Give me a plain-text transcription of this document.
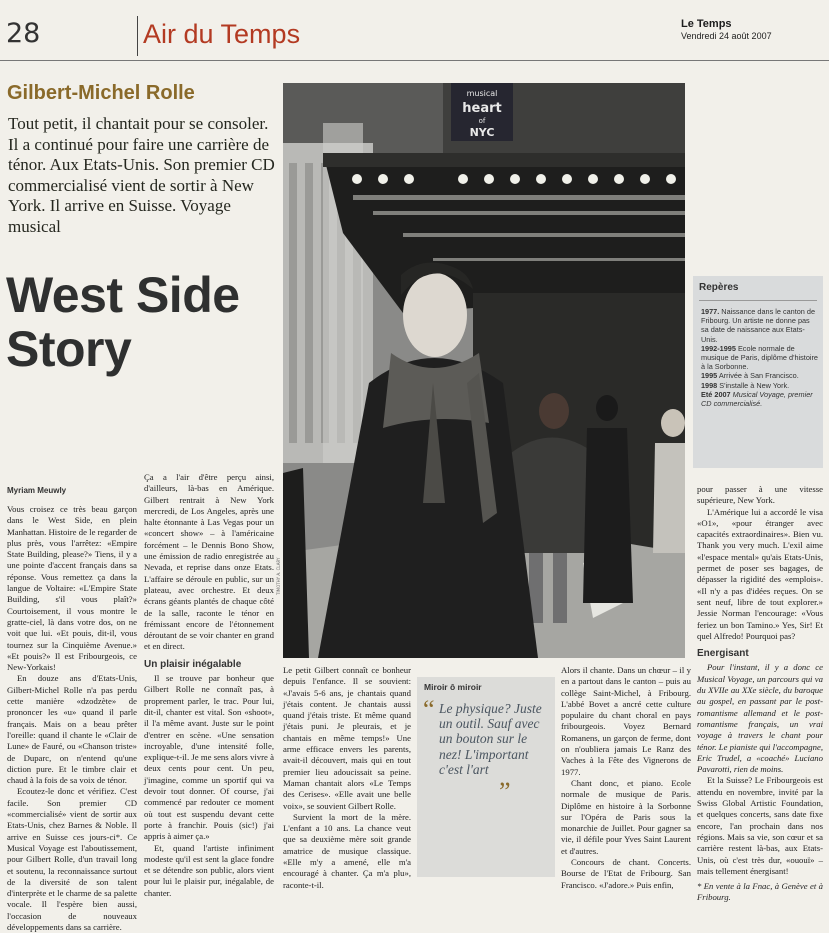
28	Air du Temps	Le Temps
Vendredi 24 août 2007
Gilbert-Michel Rolle
Tout petit, il chantait pour se consoler. Il a continué pour faire une carrière de ténor. Aux Etats-Unis. Son premier CD commercialisé vient de sortir à New York. Il arrive en Suisse. Voyage musical
West Side Story
musical
heart
of
NYC
TIMOTHY A. CLARY
Myriam Meuwly

Vous croisez ce très beau garçon dans le West Side, en plein Manhattan. Histoire de le regarder de plus près, vous l'arrêtez: «Empire State Building, please?» Tiens, il y a une pointe d'accent français dans sa réponse. Vous remettez ça dans la langue de Voltaire: «L'Empire State Building, s'il vous plaît?» Courtoisement, il vous montre le gratte-ciel, là dans votre dos, on ne voit que lui. «Et pouis, dit-il, vous tournez sur la Cinquième Avenue.» «Et pouis?» Il est Fribourgeois, ce New-Yorkais!

En douze ans d'Etats-Unis, Gilbert-Michel Rolle n'a pas perdu cette manière «dzodzète» de prononcer les «u» quand il parle français. Mais on a beau prêter l'oreille: quand il chante le «Clair de Lune» de Fauré, ou «Chanson triste» de Duparc, on n'entend qu'une diction pure. Et le timbre clair et chaud à la fois de sa voix de ténor.

Ecoutez-le donc et vérifiez. C'est facile. Son premier CD «commercialisé» vient de sortir aux Etats-Unis, chez Barnes & Noble. Il arrive en Suisse ces jours-ci*. Ce Musical Voyage est l'aboutissement, pour Gilbert Rolle, d'un travail long et soutenu, la reconnaissance surtout de la diversité de son talent d'interprète et le charme de sa palette vocale. Il l'espère bien aussi, l'occasion de nouveaux développements dans sa carrière.

Ça a l'air d'être perçu ainsi, d'ailleurs, là-bas en Amérique. Gilbert rentrait à New York mercredi, de Los Angeles, après une halte étonnante à Las Vegas pour un «concert show» – à l'américaine forcément – le Dennis Bono Show, une émission de radio enregistrée au Nevada, et reprise dans onze Etats. L'affaire se déroule en public, sur un plateau, avec orchestre. Et deux écrans géants plantés de chaque côté de la salle, raconte le ténor en frémissant encore de l'étonnement déroutant de se voir chanter en grand et en direct.

Un plaisir inégalable

Il se trouve par bonheur que Gilbert Rolle ne connaît pas, à proprement parler, le trac. Pour lui, dit-il, chanter est vital. Son «shoot», il l'a même avant. Juste sur le point d'entrer en scène. «Une sensation incroyable, d'une intensité folle, explique-t-il. Je me sens alors vivre à deux cents pour cent. Un peu, j'imagine, comme un sportif qui va devoir tout donner. Of course, j'ai commencé par redouter ce moment où tout est suspendu devant cette porte à franchir. Pouis (sic!) j'ai appris à aimer ça.»

Et, quand l'artiste infiniment modeste qu'il est sent la glace fondre et se détendre son public, alors vient pour lui le plaisir pur, inégalable, de chanter.

Le petit Gilbert connaît ce bonheur depuis l'enfance. Il se souvient: «J'avais 5-6 ans, je chantais quand j'étais content. Je chantais aussi quand j'étais triste. Et même quand j'étais puni. Je pleurais, et je chantais en même temps!» Une arme efficace envers les parents, avait-il découvert, mais qui en tout premier lieu adoucissait sa peine. Maman chantait alors «Le Temps des Cerises». «Elle avait une belle voix», se souvient Gilbert Rolle.

Survient la mort de la mère. L'enfant a 10 ans. La chance veut que sa deuxième mère soit grande amatrice de musique classique. «Elle m'y a amené, elle m'a encouragé à chanter. Ça m'a plu», raconte-t-il.

Miroir ô miroir
“ Le physique? Juste un outil. Sauf avec un bouton sur le nez! L'important c'est l'art
”

Alors il chante. Dans un chœur – il y en a partout dans le canton – puis au collège Saint-Michel, à Fribourg. L'abbé Bovet a ancré cette culture populaire du chant choral en pays fribourgeois. Voyez Bernard Romanens, un garçon de ferme, dont on n'oubliera jamais Le Ranz des Vaches à la Fête des Vignerons de 1977.

Chant donc, et piano. Ecole normale de musique de Paris. Diplôme en histoire à la Sorbonne sur l'Opéra de Paris sous la monarchie de Juillet. Pour gagner sa vie, il défile pour Yves Saint Laurent et d'autres.

Concours de chant. Concerts. Bourse de l'Etat de Fribourg. San Francisco. «J'adore.» Puis enfin,

Repères
1977. Naissance dans le canton de Fribourg. Un artiste ne donne pas sa date de naissance aux Etats-Unis.
1992-1995 Ecole normale de musique de Paris, diplôme d'histoire à la Sorbonne.
1995 Arrivée à San Francisco.
1998 S'installe à New York.
Eté 2007 Musical Voyage, premier CD commercialisé.

pour passer à une vitesse supérieure, New York.

L'Amérique lui a accordé le visa «O1», «pour étranger avec capacités extraordinaires». Bien vu. Thank you very much. L'exil aime «l'espace mental» qu'ais Etats-Unis, permet de poser ses bagages, de dépasser la rigidité des «emplois». «Il n'y a pas d'idées reçues. On se sent neuf, libre de tout explorer.» Jessie Norman l'encourage: «Vous feriez un bon Tamino.» Yes, Sir! Et quel Alfredo! Pourquoi pas?

Energisant

Pour l'instant, il y a donc ce Musical Voyage, un parcours qui va du XVIIe au XXe siècle, du baroque au gospel, en passant par le post-romantisme allemand et le post-romantisme français, un vrai voyage à travers le chant pour ténor. Le pianiste qui l'accompagne, Eric Trudel, a «coaché» Luciano Pavarotti, rien de moins.

Et la Suisse? Le Fribourgeois est attendu en novembre, invité par la Swiss Global Artistic Foundation, et quelques concerts, sans date fixe encore, l'an prochain dans nos régions. Mais sa vie, son cœur et sa carrière restent là-bas, aux Etats-Unis, où c'est très dur, «ououï» – mais tellement énergisant!

* En vente à la Fnac, à Genève et à Fribourg.
